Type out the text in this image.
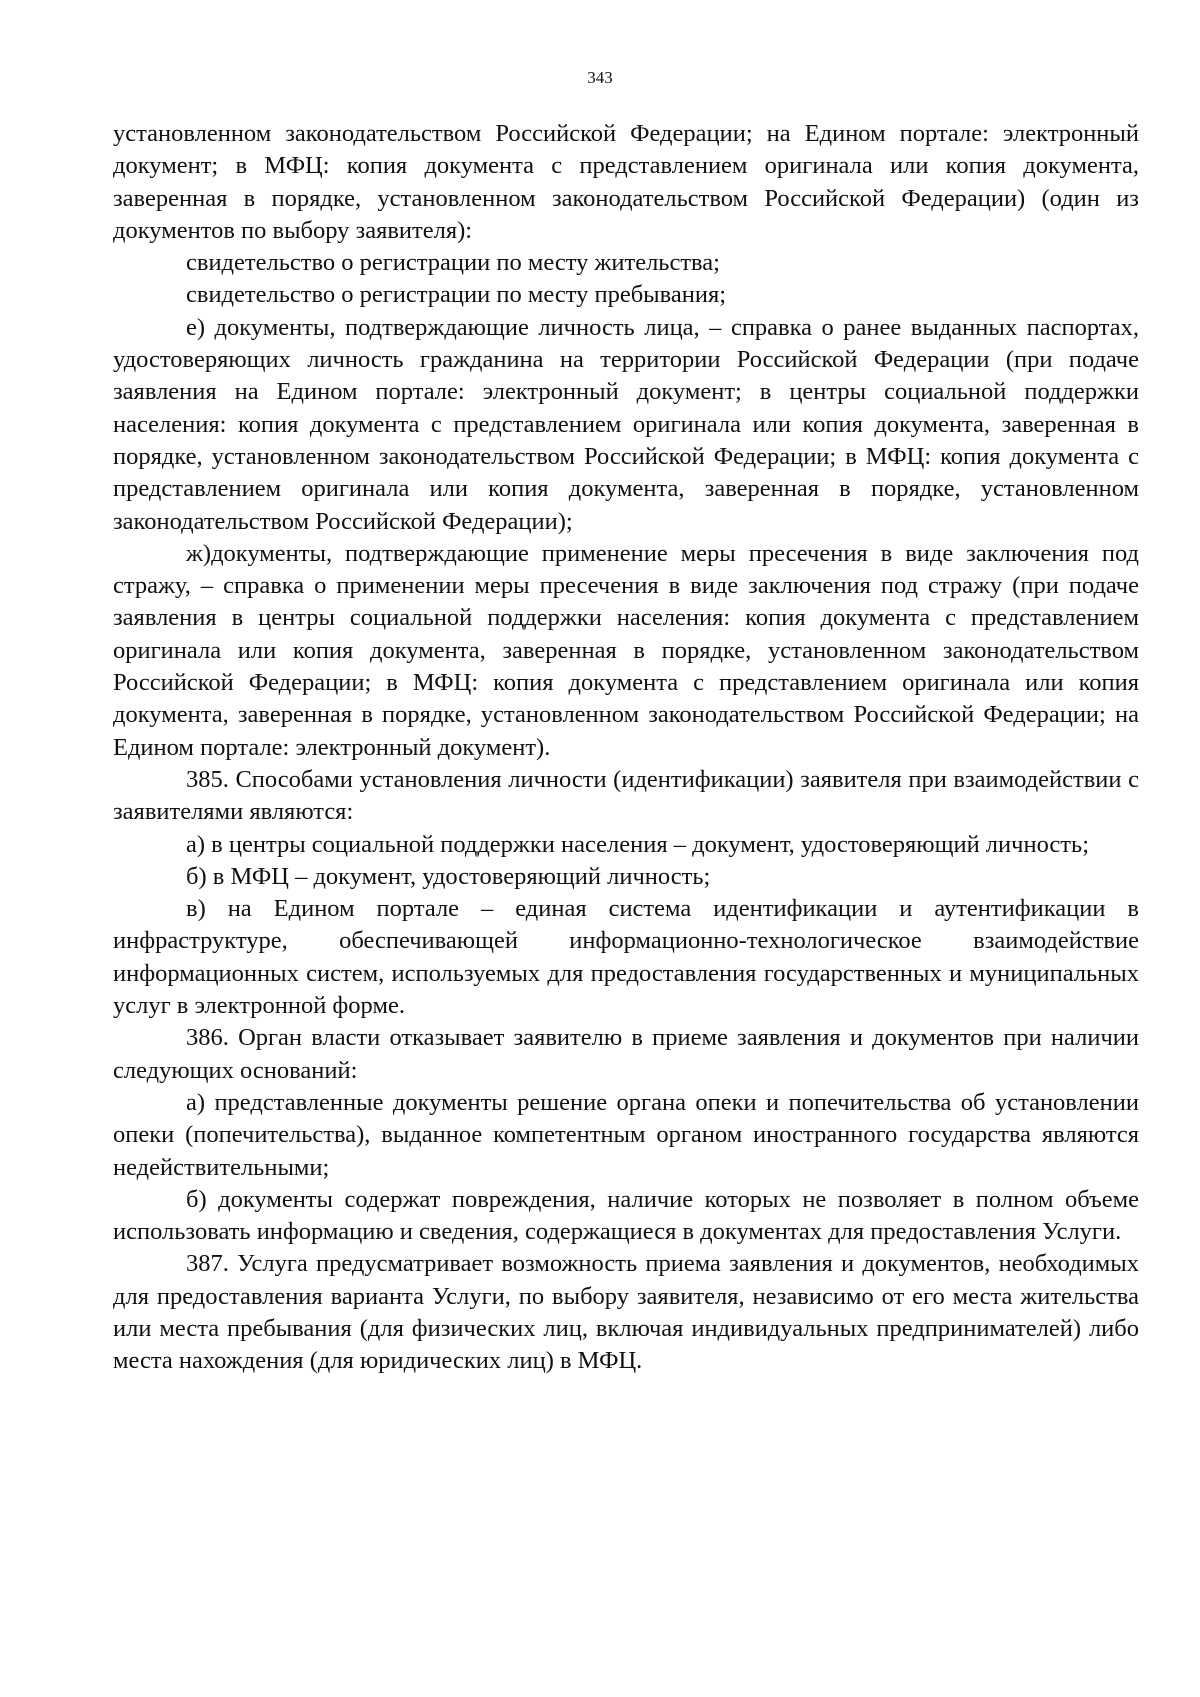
343

установленном законодательством Российской Федерации; на Едином портале: электронный документ; в МФЦ: копия документа с представлением оригинала или копия документа, заверенная в порядке, установленном законодательством Российской Федерации) (один из документов по выбору заявителя):

свидетельство о регистрации по месту жительства;

свидетельство о регистрации по месту пребывания;

е) документы, подтверждающие личность лица, – справка о ранее выданных паспортах, удостоверяющих личность гражданина на территории Российской Федерации (при подаче заявления на Едином портале: электронный документ; в центры социальной поддержки населения: копия документа с представлением оригинала или копия документа, заверенная в порядке, установленном законодательством Российской Федерации; в МФЦ: копия документа с представлением оригинала или копия документа, заверенная в порядке, установленном законодательством Российской Федерации);

ж)документы, подтверждающие применение меры пресечения в виде заключения под стражу, – справка о применении меры пресечения в виде заключения под стражу (при подаче заявления в центры социальной поддержки населения: копия документа с представлением оригинала или копия документа, заверенная в порядке, установленном законодательством Российской Федерации; в МФЦ: копия документа с представлением оригинала или копия документа, заверенная в порядке, установленном законодательством Российской Федерации; на Едином портале: электронный документ).

385. Способами установления личности (идентификации) заявителя при взаимодействии с заявителями являются:

а) в центры социальной поддержки населения – документ, удостоверяющий личность;

б) в МФЦ – документ, удостоверяющий личность;

в) на Едином портале – единая система идентификации и аутентификации в инфраструктуре, обеспечивающей информационно-технологическое взаимодействие информационных систем, используемых для предоставления государственных и муниципальных услуг в электронной форме.

386. Орган власти отказывает заявителю в приеме заявления и документов при наличии следующих оснований:

а) представленные документы решение органа опеки и попечительства об установлении опеки (попечительства), выданное компетентным органом иностранного государства являются недействительными;

б) документы содержат повреждения, наличие которых не позволяет в полном объеме использовать информацию и сведения, содержащиеся в документах для предоставления Услуги.

387. Услуга предусматривает возможность приема заявления и документов, необходимых для предоставления варианта Услуги, по выбору заявителя, независимо от его места жительства или места пребывания (для физических лиц, включая индивидуальных предпринимателей) либо места нахождения (для юридических лиц) в МФЦ.
